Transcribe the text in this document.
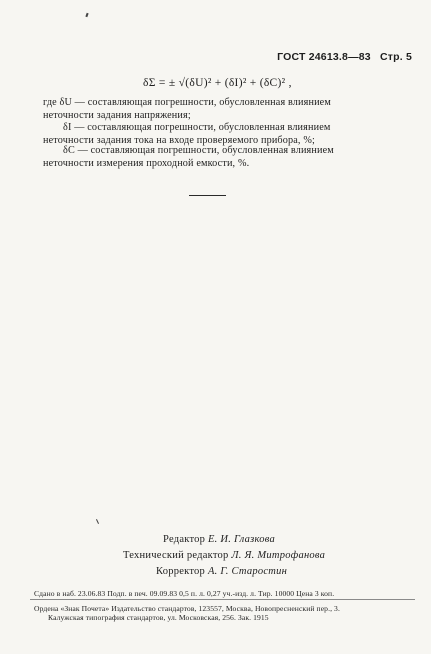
ГОСТ 24613.8—83 Стр. 5
δΣ = ± √(δU)² + (δI)² + (δC)² ,
где δU — составляющая погрешности, обусловленная влиянием
неточности задания напряжения;
δI — составляющая погрешности, обусловленная влиянием
неточности задания тока на входе проверяемого прибора, %;
δC — составляющая погрешности, обусловленная влиянием
неточности измерения проходной емкости, %.
Редактор Е. И. Глазкова
Технический редактор Л. Я. Митрофанова
Корректор А. Г. Старостин
Сдано в наб. 23.06.83 Подп. в печ. 09.09.83 0,5 п. л. 0,27 уч.-изд. л. Тир. 10000 Цена 3 коп.
Ордена «Знак Почета» Издательство стандартов, 123557, Москва, Новопресненский пер., 3.
Калужская типография стандартов, ул. Московская, 256. Зак. 1915
